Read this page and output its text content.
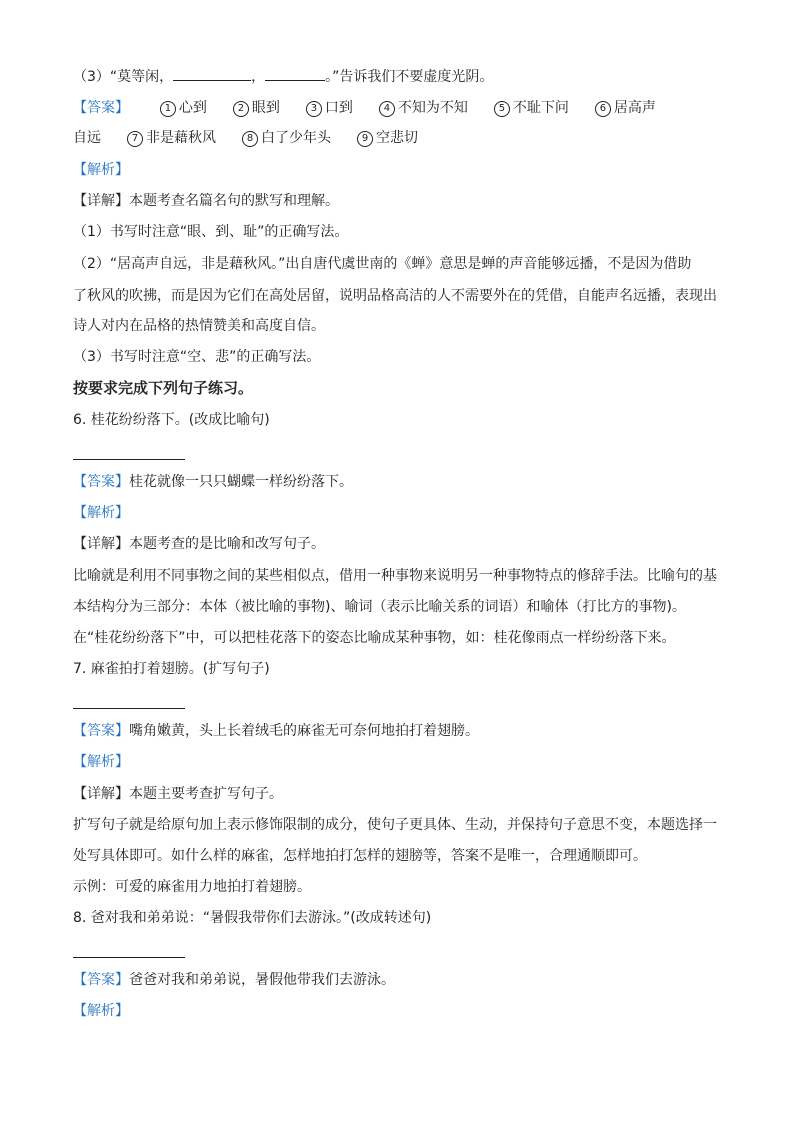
（3）“莫等闲，	，	。”告诉我们不要虚度光阴。
【答案】	1 心到	2 眼到	3 口到	4 不知为不知	5 不耻下问	6 居高声
自远	7 非是藉秋风	8 白了少年头	9 空悲切
【解析】
【详解】本题考查名篇名句的默写和理解。
（1）书写时注意“眼、到、耻”的正确写法。
（2）“居高声自远，非是藉秋风。”出自唐代虞世南的《蝉》意思是蝉的声音能够远播，不是因为借助
了秋风的吹拂，而是因为它们在高处居留，说明品格高洁的人不需要外在的凭借，自能声名远播，表现出
诗人对内在品格的热情赞美和高度自信。
（3）书写时注意“空、悲”的正确写法。
按要求完成下列句子练习。
6. 桂花纷纷落下。(改成比喻句)
【答案】桂花就像一只只蝴蝶一样纷纷落下。
【解析】
【详解】本题考查的是比喻和改写句子。
比喻就是利用不同事物之间的某些相似点，借用一种事物来说明另一种事物特点的修辞手法。比喻句的基
本结构分为三部分：本体（被比喻的事物)、喻词（表示比喻关系的词语）和喻体（打比方的事物)。
在“桂花纷纷落下”中，可以把桂花落下的姿态比喻成某种事物，如：桂花像雨点一样纷纷落下来。
7. 麻雀拍打着翅膀。(扩写句子)
【答案】嘴角嫩黄，头上长着绒毛的麻雀无可奈何地拍打着翅膀。
【解析】
【详解】本题主要考查扩写句子。
扩写句子就是给原句加上表示修饰限制的成分，使句子更具体、生动，并保持句子意思不变，本题选择一
处写具体即可。如什么样的麻雀，怎样地拍打怎样的翅膀等，答案不是唯一，合理通顺即可。
示例：可爱的麻雀用力地拍打着翅膀。
8. 爸对我和弟弟说：“暑假我带你们去游泳。”(改成转述句)
【答案】爸爸对我和弟弟说，暑假他带我们去游泳。
【解析】
